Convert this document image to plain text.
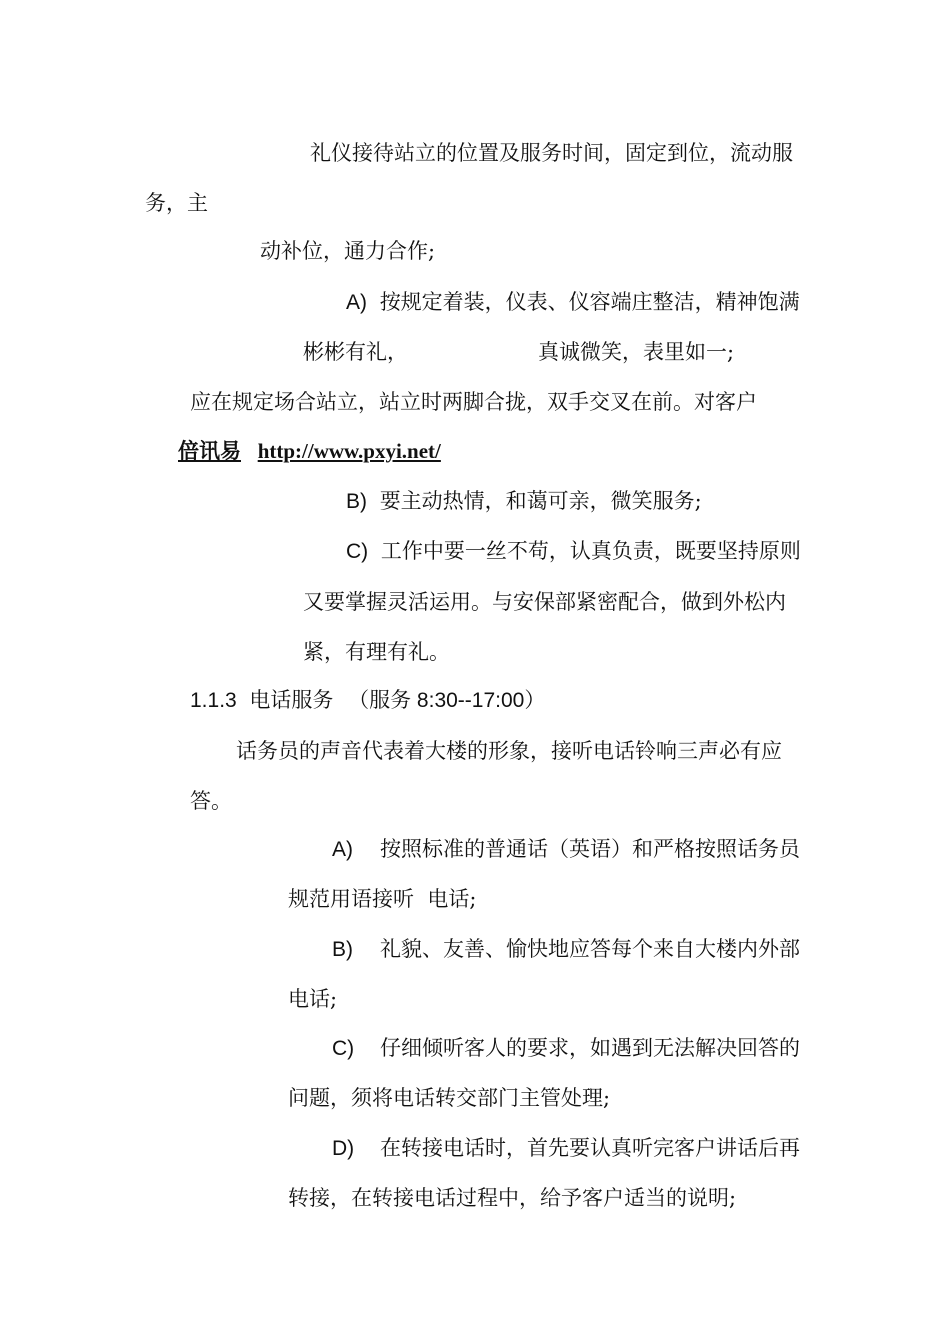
礼仪接待站立的位置及服务时间，固定到位，流动服
务，主
动补位，通力合作;
A) 按规定着装，仪表、仪容端庄整洁，精神饱满
彬彬有礼，	真诚微笑，表里如一;
应在规定场合站立，站立时两脚合拢，双手交叉在前。对客户
倍讯易 http://www.pxyi.net/
B) 要主动热情，和蔼可亲，微笑服务;
C) 工作中要一丝不苟，认真负责，既要坚持原则
又要掌握灵活运用。与安保部紧密配合，做到外松内
紧，有理有礼。
1.1.3 电话服务 （服务 8:30--17:00）
话务员的声音代表着大楼的形象，接听电话铃响三声必有应
答。
A) 按照标准的普通话（英语）和严格按照话务员
规范用语接听  电话;
B) 礼貌、友善、愉快地应答每个来自大楼内外部
电话;
C) 仔细倾听客人的要求，如遇到无法解决回答的
问题，须将电话转交部门主管处理;
D) 在转接电话时，首先要认真听完客户讲话后再
转接，在转接电话过程中，给予客户适当的说明;
